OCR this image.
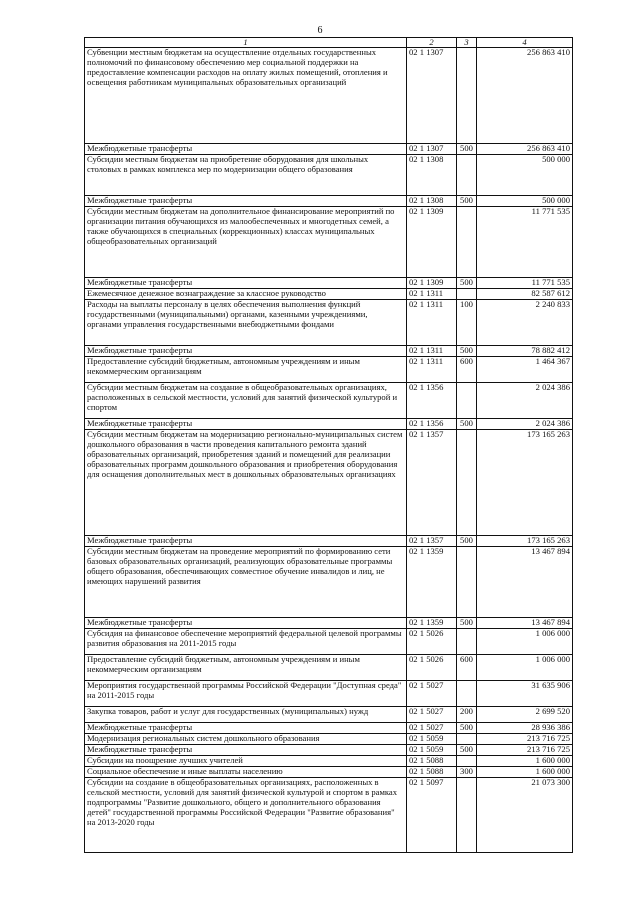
6
1	2	3	4
Субвенции местным бюджетам на осуществление отдельных государственных полномочий по финансовому обеспечению мер социальной поддержки на предоставление компенсации расходов на оплату жилых помещений, отопления и освещения работникам муниципальных образовательных организаций	02 1 1307		256 863 410
Межбюджетные трансферты	02 1 1307	500	256 863 410
Субсидии местным бюджетам на приобретение оборудования для школьных столовых в рамках комплекса мер по модернизации общего образования	02 1 1308		500 000
Межбюджетные трансферты	02 1 1308	500	500 000
Субсидии местным бюджетам на дополнительное финансирование мероприятий по организации питания обучающихся из малообеспеченных и многодетных семей, а также обучающихся в специальных (коррекционных) классах муниципальных общеобразовательных организаций	02 1 1309		11 771 535
Межбюджетные трансферты	02 1 1309	500	11 771 535
Ежемесячное денежное вознаграждение за классное руководство	02 1 1311		82 587 612
Расходы на выплаты персоналу в целях обеспечения выполнения функций государственными (муниципальными) органами, казенными учреждениями, органами управления государственными внебюджетными фондами	02 1 1311	100	2 240 833
Межбюджетные трансферты	02 1 1311	500	78 882 412
Предоставление субсидий бюджетным, автономным учреждениям и иным некоммерческим организациям	02 1 1311	600	1 464 367
Субсидии местным бюджетам на создание в общеобразовательных организациях, расположенных в сельской местности, условий для занятий физической культурой и спортом	02 1 1356		2 024 386
Межбюджетные трансферты	02 1 1356	500	2 024 386
Субсидии местным бюджетам на модернизацию регионально-муниципальных систем дошкольного образования в части проведения капитального ремонта зданий образовательных организаций, приобретения зданий и помещений для реализации образовательных программ дошкольного образования и приобретения оборудования для оснащения дополнительных мест в дошкольных образовательных организациях	02 1 1357		173 165 263
Межбюджетные трансферты	02 1 1357	500	173 165 263
Субсидии местным бюджетам на проведение мероприятий по формированию сети базовых образовательных организаций, реализующих образовательные программы общего образования, обеспечивающих совместное обучение инвалидов и лиц, не имеющих нарушений развития	02 1 1359		13 467 894
Межбюджетные трансферты	02 1 1359	500	13 467 894
Субсидия на финансовое обеспечение мероприятий федеральной целевой программы развития образования на 2011-2015 годы	02 1 5026		1 006 000
Предоставление субсидий бюджетным, автономным учреждениям и иным некоммерческим организациям	02 1 5026	600	1 006 000
Мероприятия государственной программы Российской Федерации "Доступная среда" на 2011-2015 годы	02 1 5027		31 635 906
Закупка товаров, работ и услуг для государственных (муниципальных) нужд	02 1 5027	200	2 699 520
Межбюджетные трансферты	02 1 5027	500	28 936 386
Модернизация региональных систем дошкольного образования	02 1 5059		213 716 725
Межбюджетные трансферты	02 1 5059	500	213 716 725
Субсидии на поощрение лучших учителей	02 1 5088		1 600 000
Социальное обеспечение и иные выплаты населению	02 1 5088	300	1 600 000
Субсидии на создание в общеобразовательных организациях, расположенных в сельской местности, условий для занятий физической культурой и спортом в рамках подпрограммы "Развитие дошкольного, общего и дополнительного образования детей" государственной программы Российской Федерации "Развитие образования" на 2013-2020 годы	02 1 5097		21 073 300
